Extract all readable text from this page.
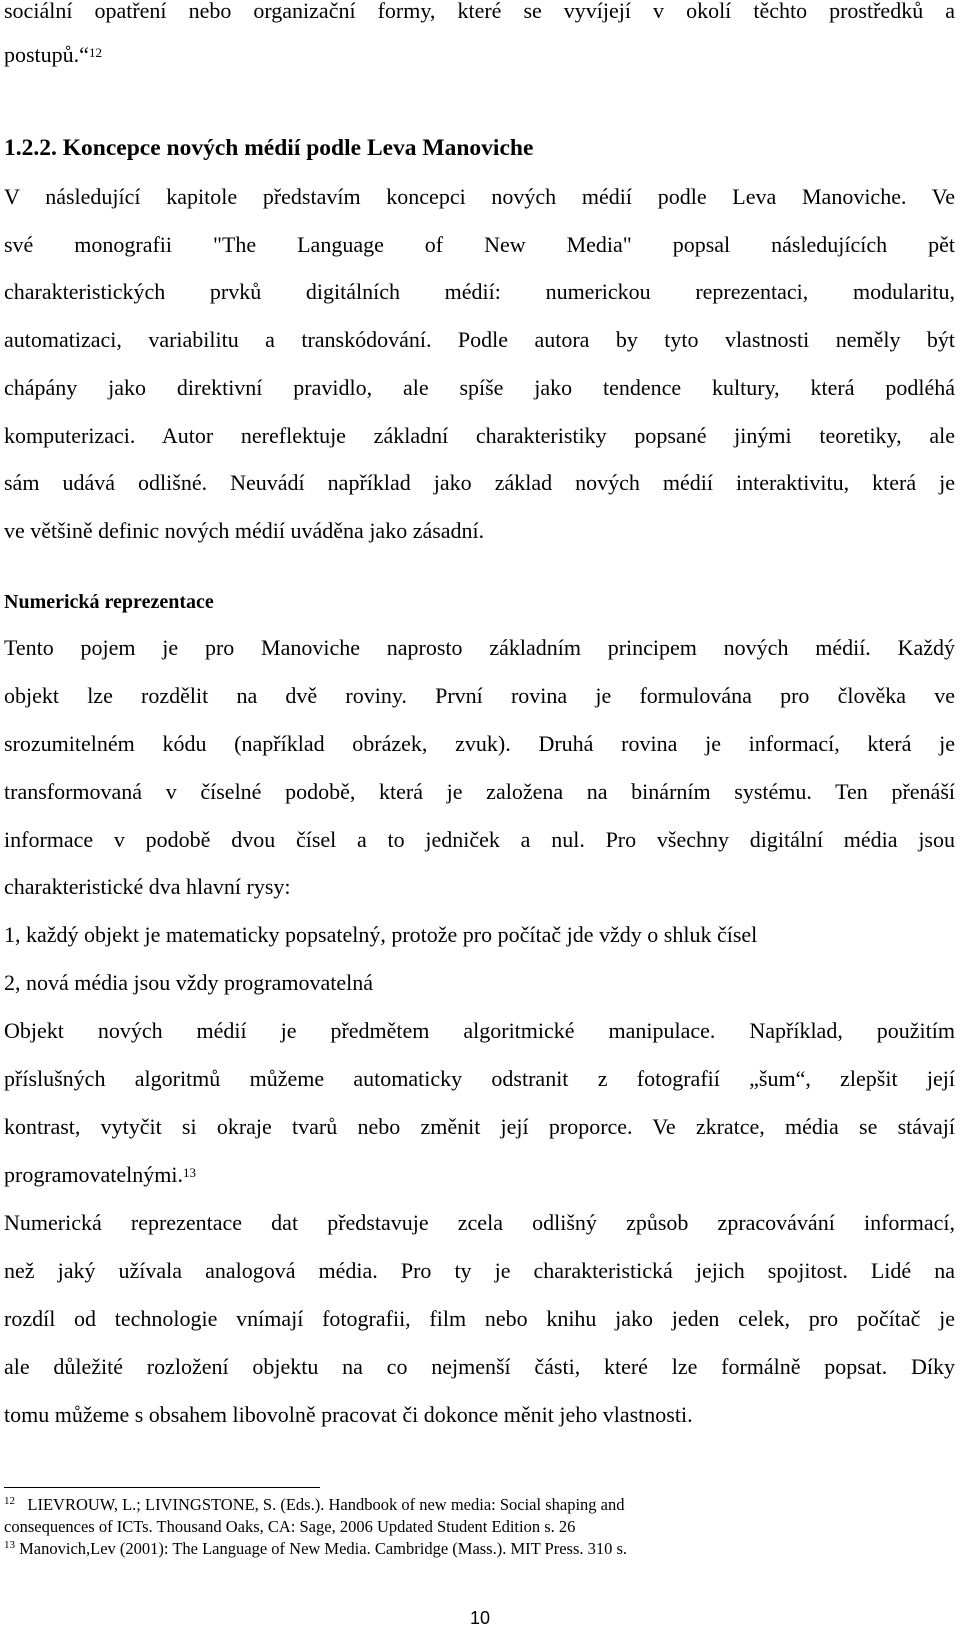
sociální opatření nebo organizační formy, které se vyvíjejí v okolí těchto prostředků a
postupů.“$^{12}$
1.2.2. Koncepce nových médií podle Leva Manoviche
V následující kapitole představím koncepci nových médií podle Leva Manoviche. Ve
své monografii "The Language of New Media" popsal následujících pět
charakteristických prvků digitálních médií: numerickou reprezentaci, modularitu,
automatizaci, variabilitu a transkódování. Podle autora by tyto vlastnosti neměly být
chápány jako direktivní pravidlo, ale spíše jako tendence kultury, která podléhá
komputerizaci. Autor nereflektuje základní charakteristiky popsané jinými teoretiky, ale
sám udává odlišné. Neuvádí například jako základ nových médií interaktivitu, která je
ve většině definic nových médií uváděna jako zásadní.
Numerická reprezentace
Tento pojem je pro Manoviche naprosto základním principem nových médií. Každý
objekt lze rozdělit na dvě roviny. První rovina je formulována pro člověka ve
srozumitelném kódu (například obrázek, zvuk). Druhá rovina je informací, která je
transformovaná v číselné podobě, která je založena na binárním systému. Ten přenáší
informace v podobě dvou čísel a to jedniček a nul. Pro všechny digitální média jsou
charakteristické dva hlavní rysy:
1, každý objekt je matematicky popsatelný, protože pro počítač jde vždy o shluk čísel
2, nová média jsou vždy programovatelná
Objekt nových médií je předmětem algoritmické manipulace. Například, použitím
příslušných algoritmů můžeme automaticky odstranit z fotografií „šum“, zlepšit její
kontrast, vytyčit si okraje tvarů nebo změnit její proporce. Ve zkratce, média se stávají
programovatelnými.$^{13}$
Numerická reprezentace dat představuje zcela odlišný způsob zpracovávání informací,
než jaký užívala analogová média. Pro ty je charakteristická jejich spojitost. Lidé na
rozdíl od technologie vnímají fotografii, film nebo knihu jako jeden celek, pro počítač je
ale důležité rozložení objektu na co nejmenší části, které lze formálně popsat. Díky
tomu můžeme s obsahem libovolně pracovat či dokonce měnit jeho vlastnosti.
$^{12}$ LIEVROUW, L.; LIVINGSTONE, S. (Eds.). Handbook of new media: Social shaping and
consequences of ICTs. Thousand Oaks, CA: Sage, 2006 Updated Student Edition s. 26
$^{13}$ Manovich,Lev (2001): The Language of New Media. Cambridge (Mass.). MIT Press. 310 s.
10
